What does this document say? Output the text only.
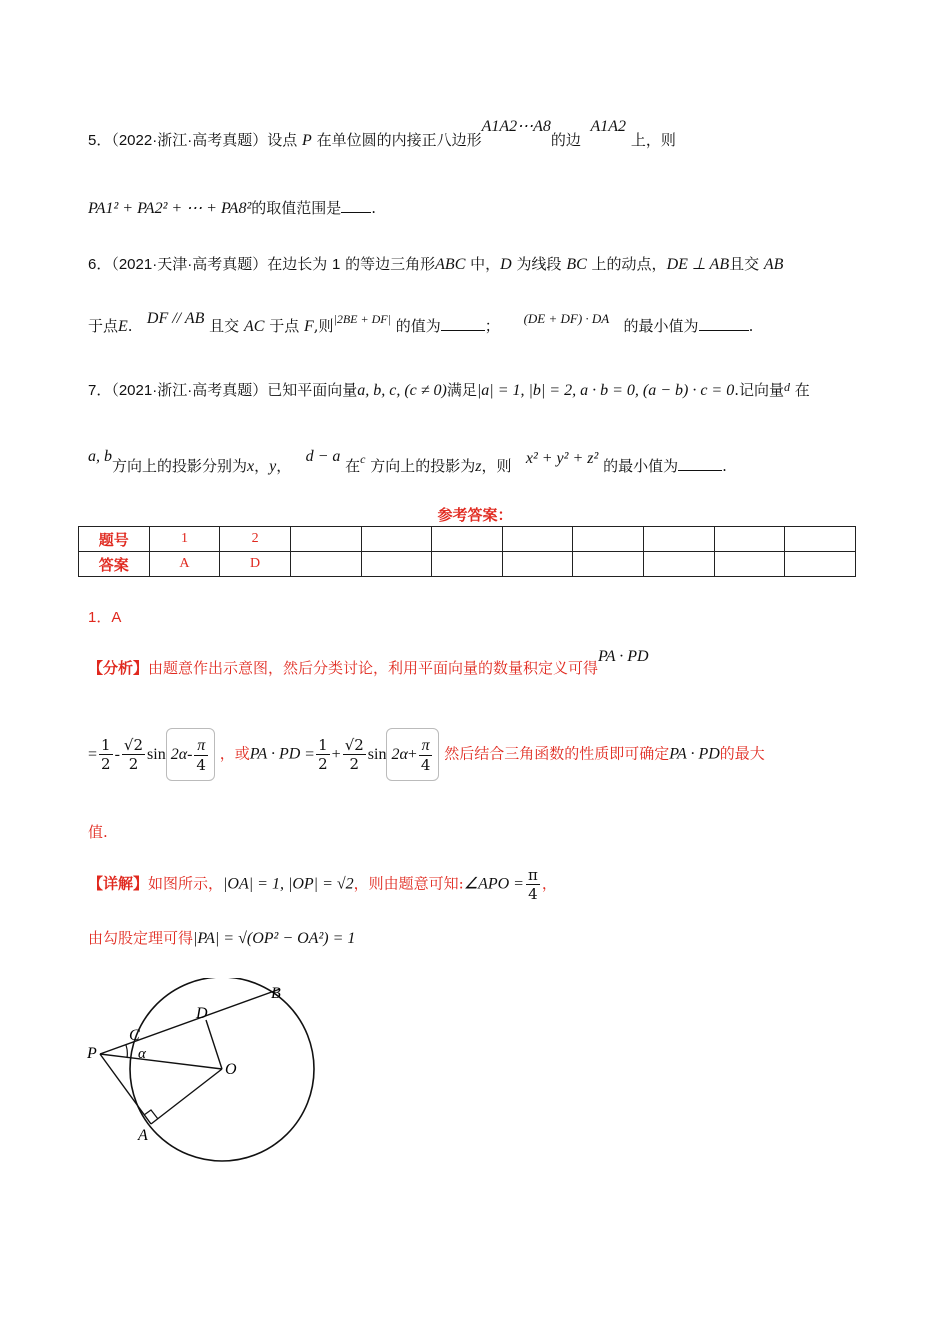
5．（2022·浙江·高考真题）设点 P 在单位圆的内接正八边形A1A2⋯A8的边  A1A2 上，则
PA1² + PA2² + ⋯ + PA8²的取值范围是 .
6．（2021·天津·高考真题）在边长为 1 的等边三角形ABC 中，D 为线段 BC 上的动点，DE ⊥ AB且交 AB
于点E. DF // AB 且交 AC 于点 F,则$^{|2BE + DF|}$ 的值为	； (DE + DF) · DA 的最小值为	.
7．（2021·浙江·高考真题）已知平面向量a, b, c, (c ≠ 0)满足|a| = 1, |b| = 2, a · b = 0, (a − b) · c = 0.记向量$^d$ 在
a, b方向上的投影分别为x，y，   d − a 在$^c$ 方向上的投影为z，则 x² + y² + z² 的最小值为	.
参考答案：
题号	1	2								
答案	A	D								
1．A
【分析】由题意作出示意图，然后分类讨论，利用平面向量的数量积定义可得PA · PD
= $\frac{1}{2} - \frac{√2}{2}$ $\sin 2\alpha- \frac{\pi}{4}$ ，或PA · PD = $\frac{1}{2} + \frac{√2}{2}$ $\sin 2\alpha+ \frac{\pi}{4}$ 然后结合三角函数的性质即可确定PA · PD的最大
值.
【详解】如图所示，|OA| = 1, |OP| = √2，则由题意可知:∠APO = $\frac{\pi}{4}$ ，
由勾股定理可得|PA| = √(OP² − OA²) = 1
P
C
D
B
O
A
α
